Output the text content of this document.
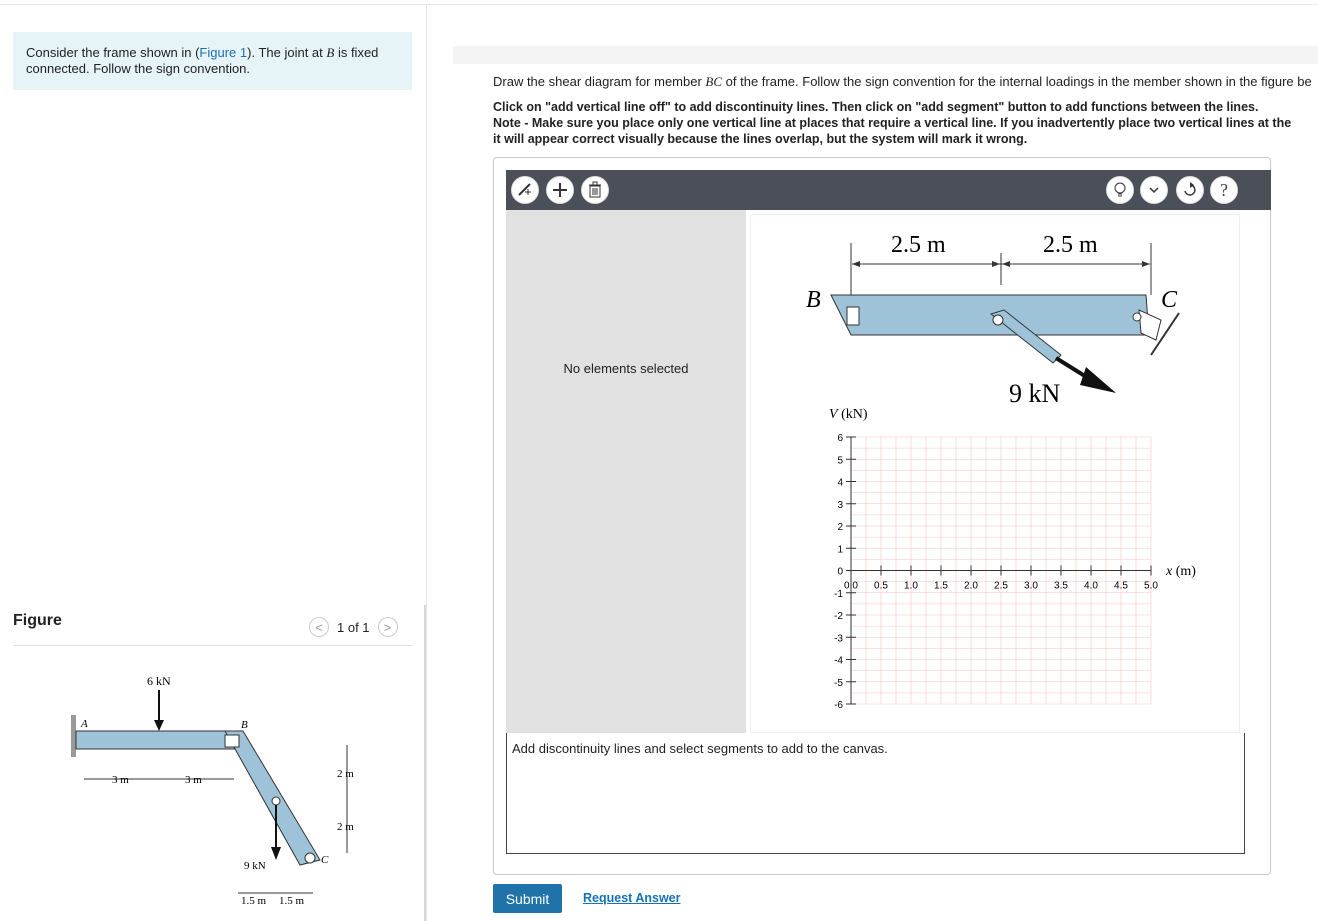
Consider the frame shown in (Figure 1). The joint at B is fixed connected. Follow the sign convention.
Figure	<	1 of 1	>
6 kN
A	B
C
3 m	3 m	2 m
2 m
9 kN
1.5 m 1.5 m
Draw the shear diagram for member BC of the frame. Follow the sign convention for the internal loadings in the member shown in the figure be
Click on "add vertical line off" to add discontinuity lines. Then click on "add segment" button to add functions between the lines.
Note - Make sure you place only one vertical line at places that require a vertical line. If you inadvertently place two vertical lines at the
it will appear correct visually because the lines overlap, but the system will mark it wrong.
?
No elements selected
2.5 m	2.5 m
B	C
9 kN
V (kN)
x (m)
6
5
4
3
2
1
0
-1
-2
-3
-4
-5
-6
0.0 0.5 1.0 1.5 2.0 2.5 3.0 3.5 4.0 4.5 5.0
Add discontinuity lines and select segments to add to the canvas.
Submit	Request Answer
